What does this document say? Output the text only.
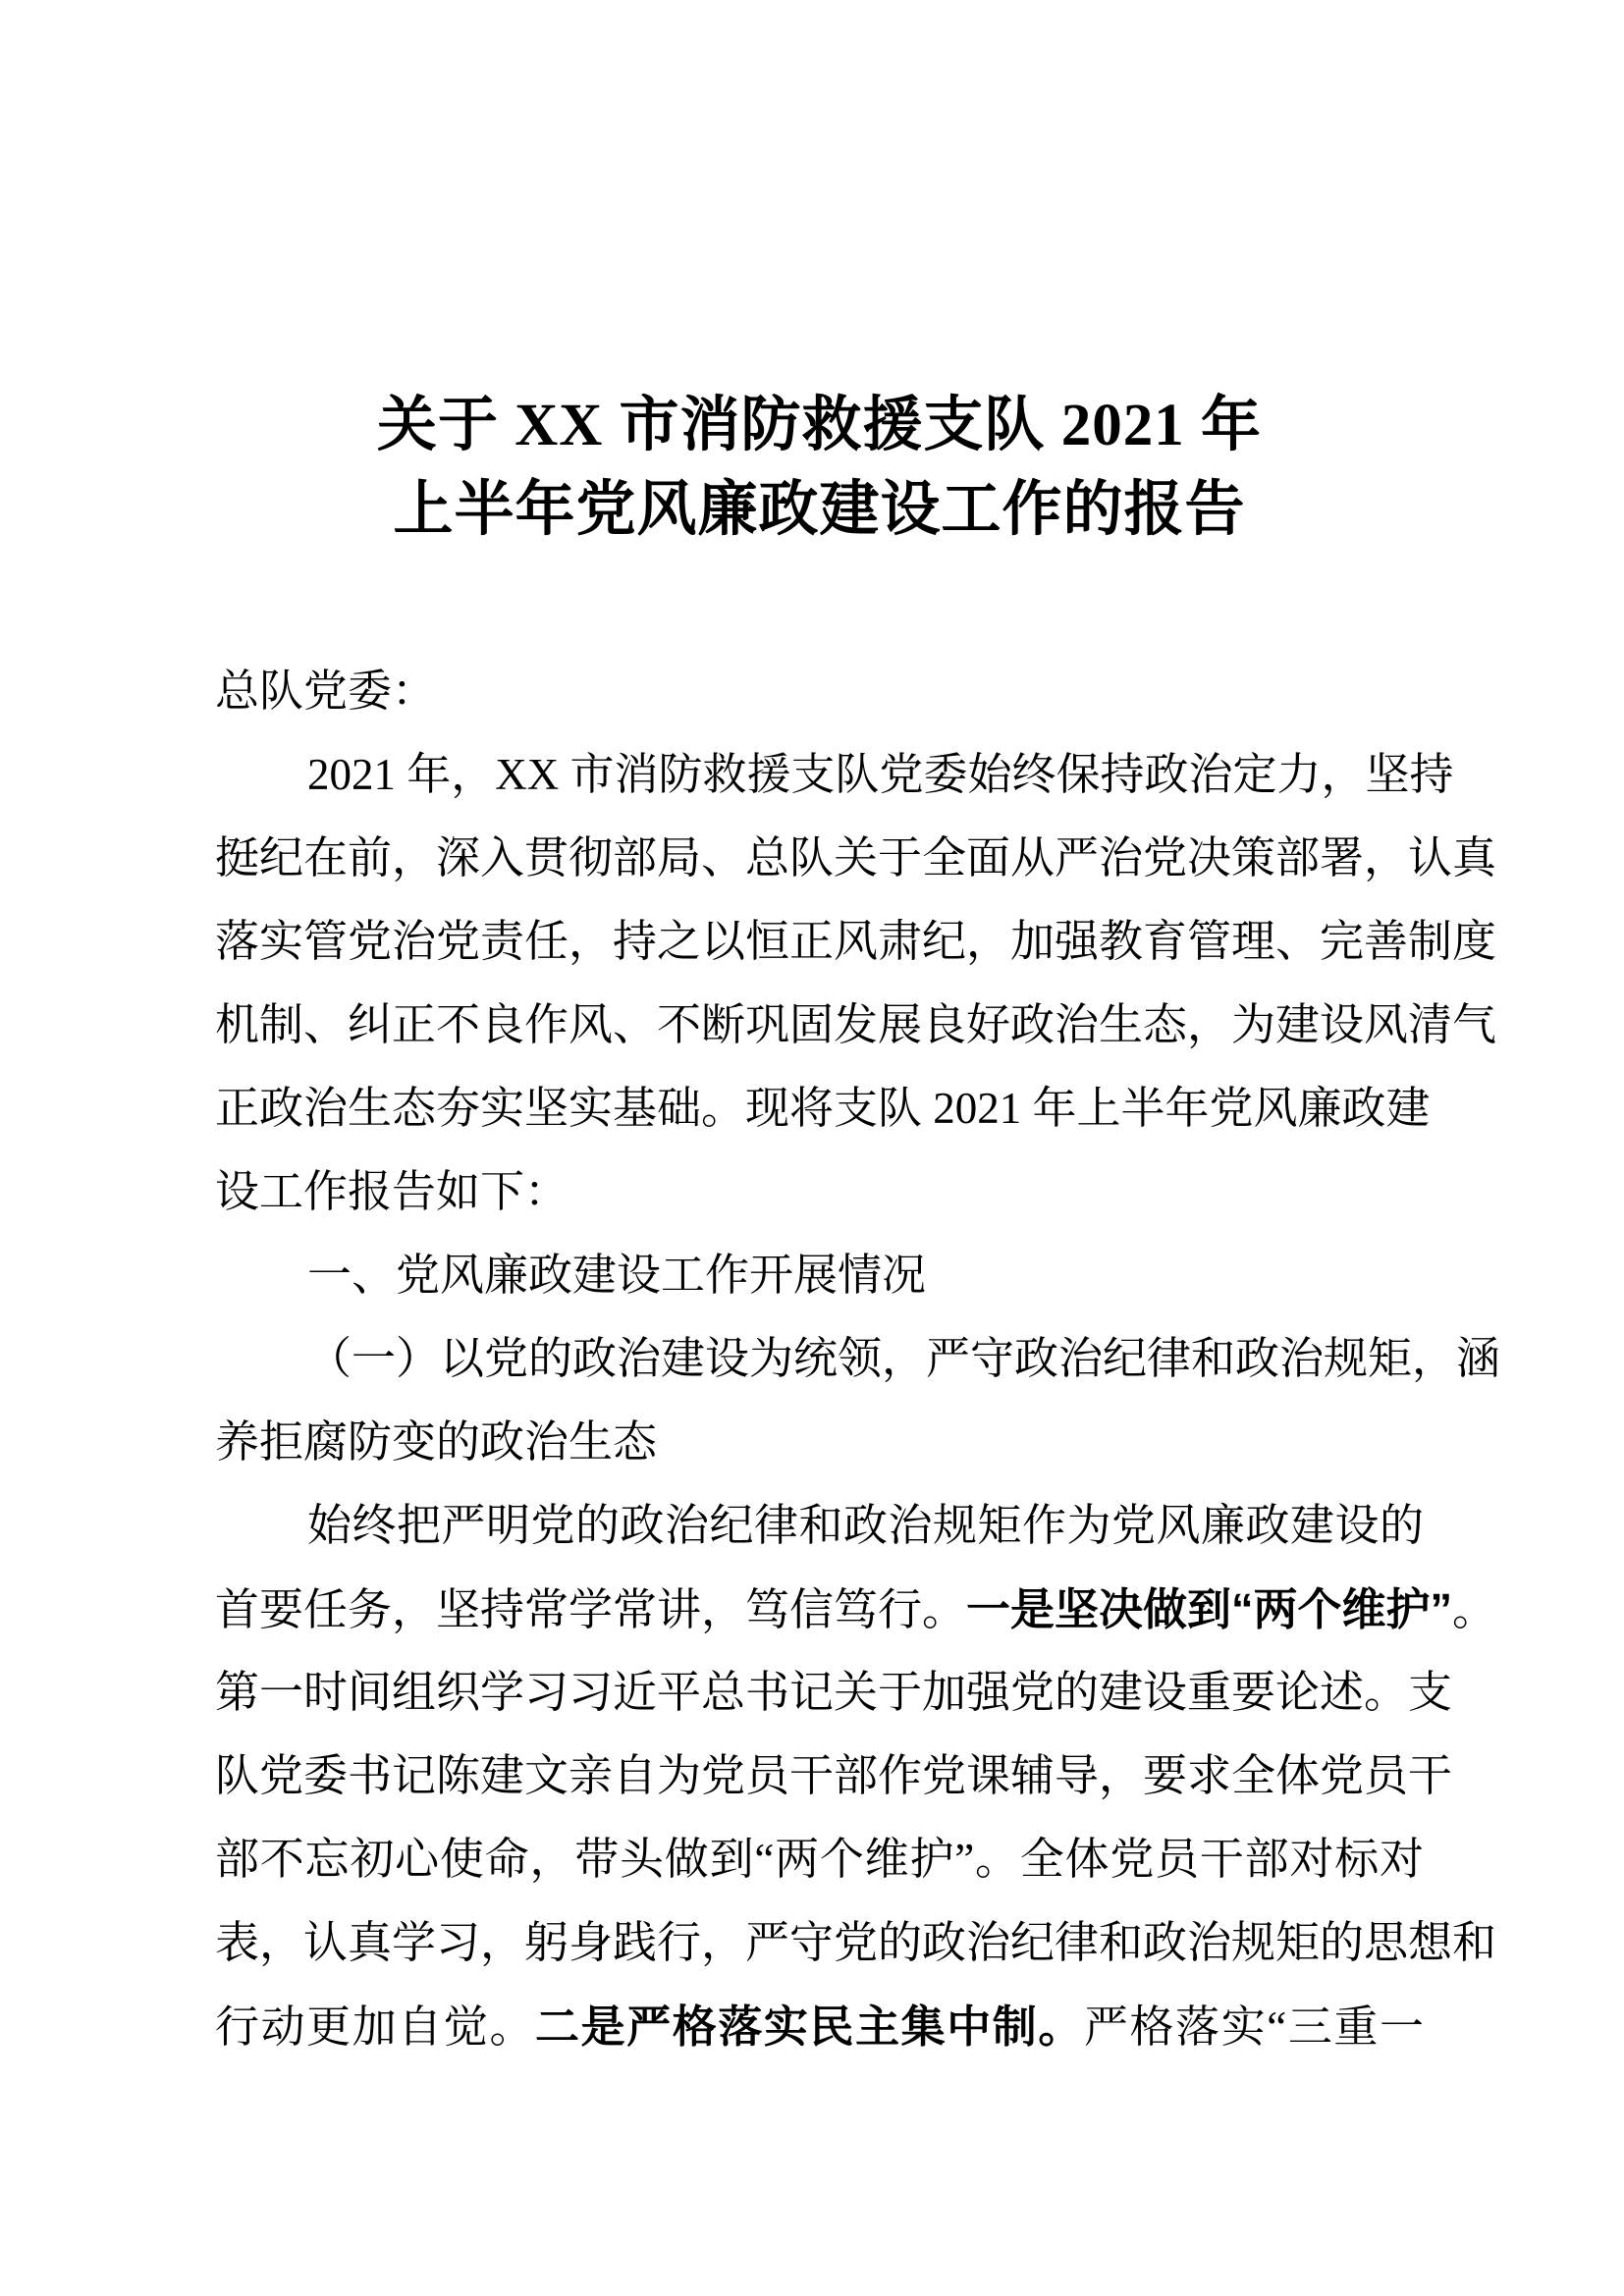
关于 XX 市消防救援支队 2021 年
上半年党风廉政建设工作的报告
总队党委：
2021 年，XX 市消防救援支队党委始终保持政治定力，坚持
挺纪在前，深入贯彻部局、总队关于全面从严治党决策部署，认真
落实管党治党责任，持之以恒正风肃纪，加强教育管理、完善制度
机制、纠正不良作风、不断巩固发展良好政治生态，为建设风清气
正政治生态夯实坚实基础。现将支队 2021 年上半年党风廉政建
设工作报告如下：
一、党风廉政建设工作开展情况
（一）以党的政治建设为统领，严守政治纪律和政治规矩，涵
养拒腐防变的政治生态
始终把严明党的政治纪律和政治规矩作为党风廉政建设的
首要任务，坚持常学常讲，笃信笃行。一是坚决做到“两个维护”。
第一时间组织学习习近平总书记关于加强党的建设重要论述。支
队党委书记陈建文亲自为党员干部作党课辅导，要求全体党员干
部不忘初心使命，带头做到“两个维护”。全体党员干部对标对
表，认真学习，躬身践行，严守党的政治纪律和政治规矩的思想和
行动更加自觉。二是严格落实民主集中制。严格落实“三重一
